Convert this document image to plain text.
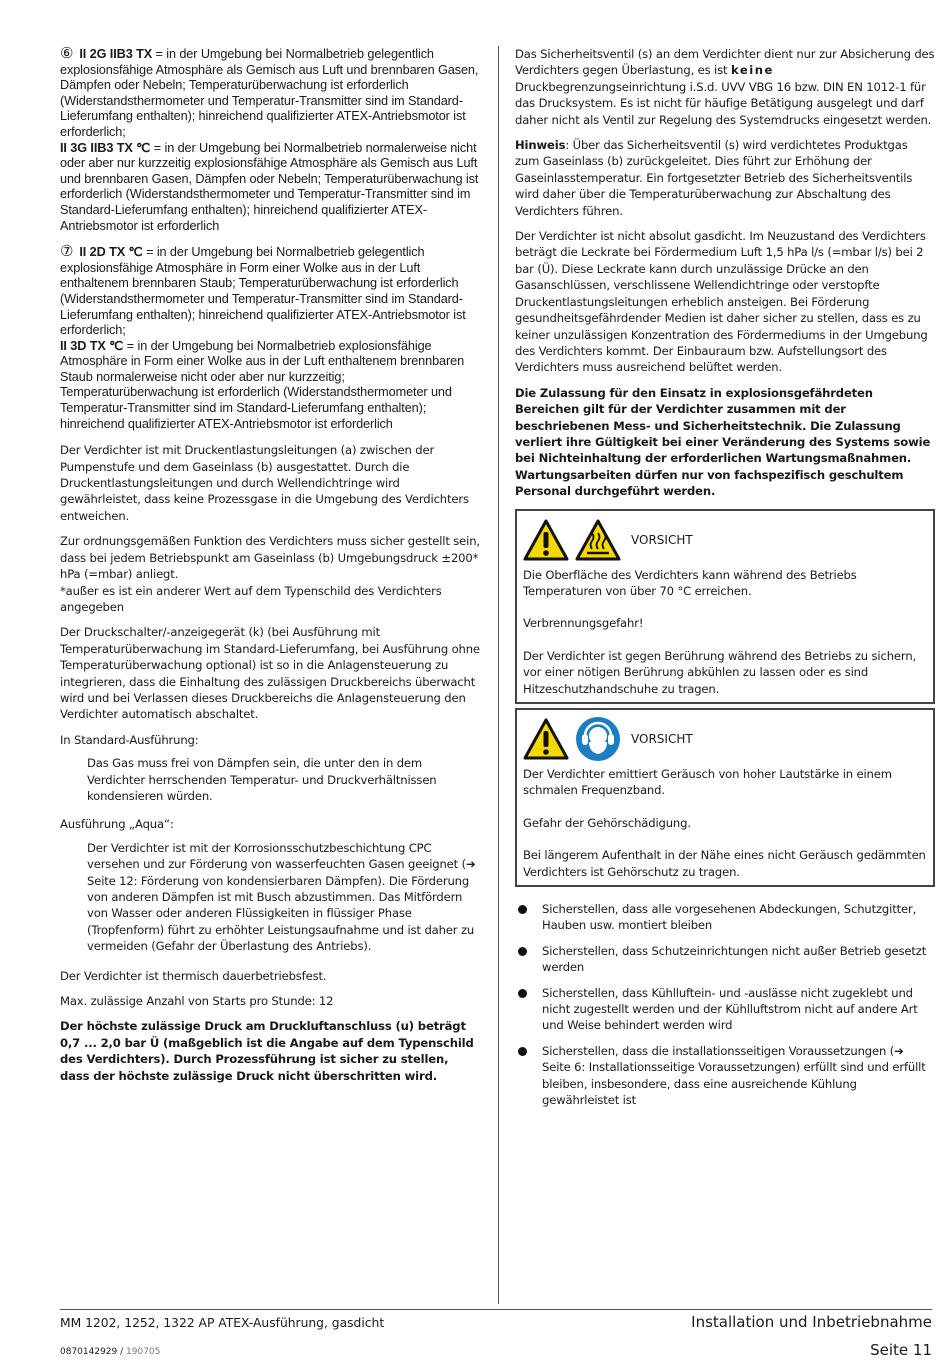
⑥ II 2G IIB3 TX = in der Umgebung bei Normalbetrieb gelegentlich explosionsfähige Atmosphäre als Gemisch aus Luft und brennbaren Gasen, Dämpfen oder Nebeln; Temperaturüberwachung ist erforderlich (Widerstandsthermometer und Temperatur-Transmitter sind im Standard-Lieferumfang enthalten); hinreichend qualifizierter ATEX-Antriebsmotor ist erforderlich;
II 3G IIB3 TX ℃ = in der Umgebung bei Normalbetrieb normalerweise nicht oder aber nur kurzzeitig explosionsfähige Atmosphäre als Gemisch aus Luft und brennbaren Gasen, Dämpfen oder Nebeln; Temperaturüberwachung ist erforderlich (Widerstandsthermometer und Temperatur-Transmitter sind im Standard-Lieferumfang enthalten); hinreichend qualifizierter ATEX-Antriebsmotor ist erforderlich
⑦ II 2D TX ℃ = in der Umgebung bei Normalbetrieb gelegentlich explosionsfähige Atmosphäre in Form einer Wolke aus in der Luft enthaltenem brennbaren Staub; Temperaturüberwachung ist erforderlich (Widerstandsthermometer und Temperatur-Transmitter sind im Standard-Lieferumfang enthalten); hinreichend qualifizierter ATEX-Antriebsmotor ist erforderlich;
II 3D TX ℃ = in der Umgebung bei Normalbetrieb explosionsfähige Atmosphäre in Form einer Wolke aus in der Luft enthaltenem brennbaren Staub normalerweise nicht oder aber nur kurzzeitig; Temperaturüberwachung ist erforderlich (Widerstandsthermometer und Temperatur-Transmitter sind im Standard-Lieferumfang enthalten); hinreichend qualifizierter ATEX-Antriebsmotor ist erforderlich

Der Verdichter ist mit Druckentlastungsleitungen (a) zwischen der Pumpenstufe und dem Gaseinlass (b) ausgestattet. Durch die Druckentlastungsleitungen und durch Wellendichtringe wird gewährleistet, dass keine Prozessgase in die Umgebung des Verdichters entweichen.

Zur ordnungsgemäßen Funktion des Verdichters muss sicher gestellt sein, dass bei jedem Betriebspunkt am Gaseinlass (b) Umgebungsdruck ±200* hPa (=mbar) anliegt.
*außer es ist ein anderer Wert auf dem Typenschild des Verdichters angegeben

Der Druckschalter/-anzeigegerät (k) (bei Ausführung mit Temperaturüberwachung im Standard-Lieferumfang, bei Ausführung ohne Temperaturüberwachung optional) ist so in die Anlagensteuerung zu integrieren, dass die Einhaltung des zulässigen Druckbereichs überwacht wird und bei Verlassen dieses Druckbereichs die Anlagensteuerung den Verdichter automatisch abschaltet.

In Standard-Ausführung:

Das Gas muss frei von Dämpfen sein, die unter den in dem Verdichter herrschenden Temperatur- und Druckverhältnissen kondensieren würden.

Ausführung „Aqua“:

Der Verdichter ist mit der Korrosionsschutzbeschichtung CPC versehen und zur Förderung von wasserfeuchten Gasen geeignet (➔ Seite 12: Förderung von kondensierbaren Dämpfen). Die Förderung von anderen Dämpfen ist mit Busch abzustimmen. Das Mitfördern von Wasser oder anderen Flüssigkeiten in flüssiger Phase (Tropfenform) führt zu erhöhter Leistungsaufnahme und ist daher zu vermeiden (Gefahr der Überlastung des Antriebs).

Der Verdichter ist thermisch dauerbetriebsfest.

Max. zulässige Anzahl von Starts pro Stunde: 12

Der höchste zulässige Druck am Druckluftanschluss (u) beträgt 0,7 ... 2,0 bar Ü (maßgeblich ist die Angabe auf dem Typenschild des Verdichters). Durch Prozessführung ist sicher zu stellen, dass der höchste zulässige Druck nicht überschritten wird.

Das Sicherheitsventil (s) an dem Verdichter dient nur zur Absicherung des Verdichters gegen Überlastung, es ist keine Druckbegrenzungseinrichtung i.S.d. UVV VBG 16 bzw. DIN EN 1012-1 für das Drucksystem. Es ist nicht für häufige Betätigung ausgelegt und darf daher nicht als Ventil zur Regelung des Systemdrucks eingesetzt werden.

Hinweis: Über das Sicherheitsventil (s) wird verdichtetes Produktgas zum Gaseinlass (b) zurückgeleitet. Dies führt zur Erhöhung der Gaseinlasstemperatur. Ein fortgesetzter Betrieb des Sicherheitsventils wird daher über die Temperaturüberwachung zur Abschaltung des Verdichters führen.

Der Verdichter ist nicht absolut gasdicht. Im Neuzustand des Verdichters beträgt die Leckrate bei Fördermedium Luft 1,5 hPa l/s (=mbar l/s) bei 2 bar (Ü). Diese Leckrate kann durch unzulässige Drücke an den Gasanschlüssen, verschlissene Wellendichtringe oder verstopfte Druckentlastungsleitungen erheblich ansteigen. Bei Förderung gesundheitsgefährdender Medien ist daher sicher zu stellen, dass es zu keiner unzulässigen Konzentration des Fördermediums in der Umgebung des Verdichters kommt. Der Einbauraum bzw. Aufstellungsort des Verdichters muss ausreichend belüftet werden.

Die Zulassung für den Einsatz in explosionsgefährdeten Bereichen gilt für der Verdichter zusammen mit der beschriebenen Mess- und Sicherheitstechnik. Die Zulassung verliert ihre Gültigkeit bei einer Veränderung des Systems sowie bei Nichteinhaltung der erforderlichen Wartungsmaßnahmen. Wartungsarbeiten dürfen nur von fachspezifisch geschultem Personal durchgeführt werden.

VORSICHT

Die Oberfläche des Verdichters kann während des Betriebs Temperaturen von über 70 °C erreichen.

Verbrennungsgefahr!

Der Verdichter ist gegen Berührung während des Betriebs zu sichern, vor einer nötigen Berührung abkühlen zu lassen oder es sind Hitzeschutzhandschuhe zu tragen.

VORSICHT

Der Verdichter emittiert Geräusch von hoher Lautstärke in einem schmalen Frequenzband.

Gefahr der Gehörschädigung.

Bei längerem Aufenthalt in der Nähe eines nicht Geräusch gedämmten Verdichters ist Gehörschutz zu tragen.

Sicherstellen, dass alle vorgesehenen Abdeckungen, Schutzgitter, Hauben usw. montiert bleiben

Sicherstellen, dass Schutzeinrichtungen nicht außer Betrieb gesetzt werden

Sicherstellen, dass Kühlluftein- und -auslässe nicht zugeklebt und nicht zugestellt werden und der Kühlluftstrom nicht auf andere Art und Weise behindert werden wird

Sicherstellen, dass die installationsseitigen Voraussetzungen (➔ Seite 6: Installationsseitige Voraussetzungen) erfüllt sind und erfüllt bleiben, insbesondere, dass eine ausreichende Kühlung gewährleistet ist

MM 1202, 1252, 1322 AP ATEX-Ausführung, gasdicht
0870142929 / 190705
Installation und Inbetriebnahme
Seite 11
